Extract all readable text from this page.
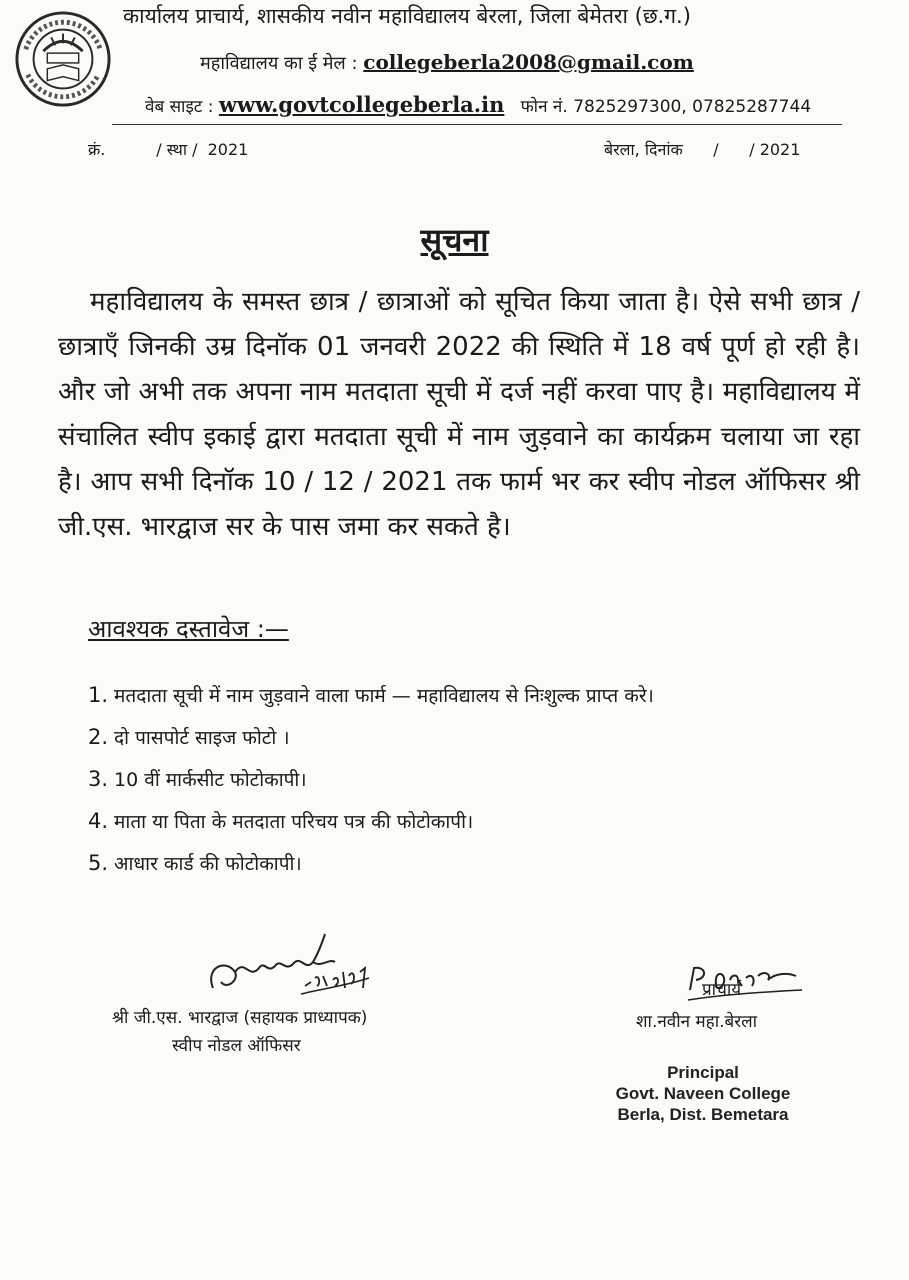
कार्यालय प्राचार्य, शासकीय नवीन महाविद्यालय बेरला, जिला बेमेतरा (छ.ग.)
महाविद्यालय का ई मेल : collegeberla2008@gmail.com
वेब साइट : www.govtcollegeberla.in फोन नं. 7825297300, 07825287744
क्रं.          / स्था /  2021	बेरला, दिनांक      /      / 2021
सूचना

महाविद्यालय के समस्त छात्र / छात्राओं को सूचित किया जाता है। ऐसे सभी छात्र / छात्राएँ जिनकी उम्र दिनॉक 01 जनवरी 2022 की स्थिति में 18 वर्ष पूर्ण हो रही है। और जो अभी तक अपना नाम मतदाता सूची में दर्ज नहीं करवा पाए है। महाविद्यालय में संचालित स्वीप इकाई द्वारा मतदाता सूची में नाम जुड़वाने का कार्यक्रम चलाया जा रहा है। आप सभी दिनॉक 10 / 12 / 2021 तक फार्म भर कर स्वीप नोडल ऑफिसर श्री जी.एस. भारद्वाज सर के पास जमा कर सकते है।

आवश्यक दस्तावेज :—
1. मतदाता सूची में नाम जुड़वाने वाला फार्म — महाविद्यालय से निःशुल्क प्राप्त करे।
2. दो पासपोर्ट साइज फोटो ।
3. 10 वीं मार्कसीट फोटोकापी।
4. माता या पिता के मतदाता परिचय पत्र की फोटोकापी।
5. आधार कार्ड की फोटोकापी।
श्री जी.एस. भारद्वाज (सहायक प्राध्यापक)
स्वीप नोडल ऑफिसर
प्राचार्य
शा.नवीन महा.बेरला
Principal
Govt. Naveen College
Berla, Dist. Bemetara
